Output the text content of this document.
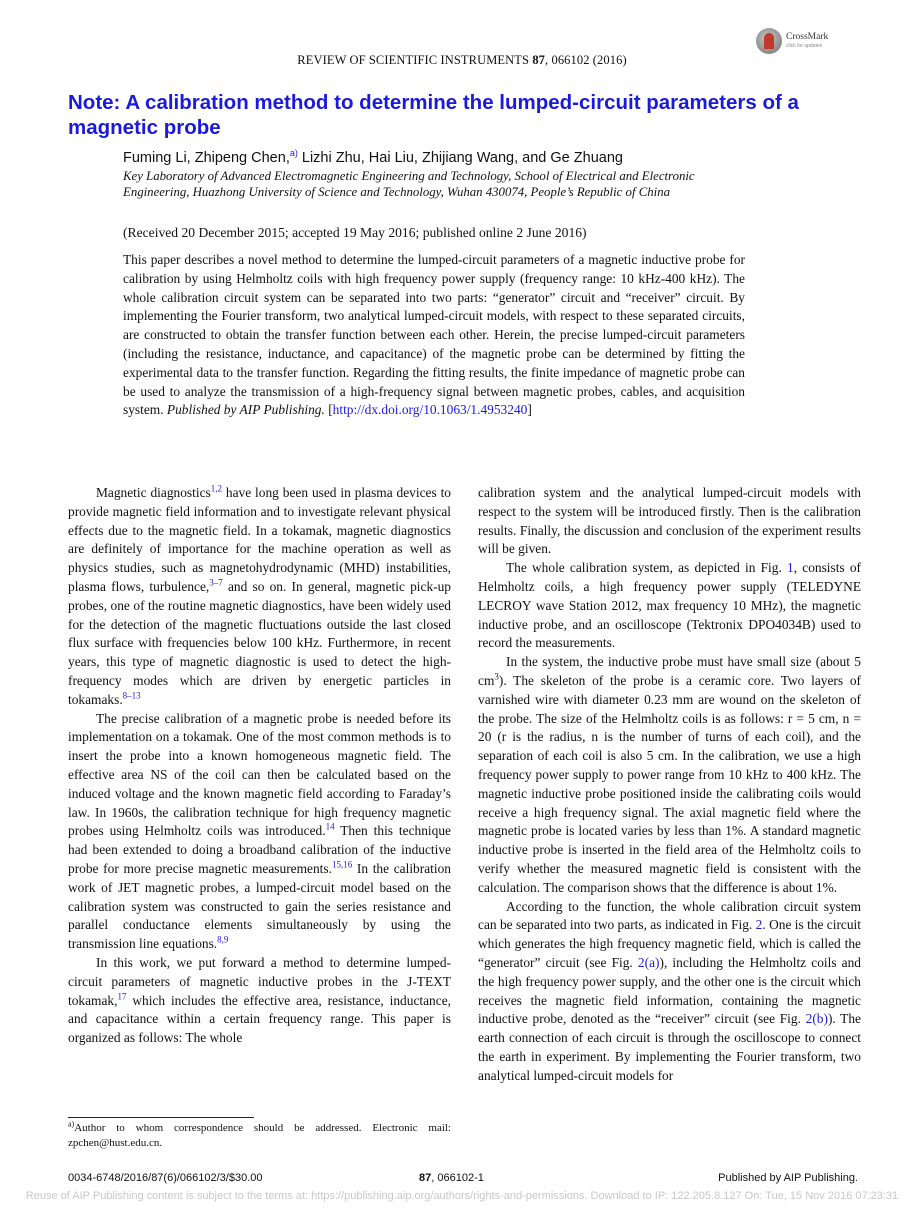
CrossMark
click for updates
REVIEW OF SCIENTIFIC INSTRUMENTS 87, 066102 (2016)
Note: A calibration method to determine the lumped-circuit parameters of a magnetic probe
Fuming Li, Zhipeng Chen,$^{a)}$ Lizhi Zhu, Hai Liu, Zhijiang Wang, and Ge Zhuang
Key Laboratory of Advanced Electromagnetic Engineering and Technology, School of Electrical and Electronic Engineering, Huazhong University of Science and Technology, Wuhan 430074, People’s Republic of China
(Received 20 December 2015; accepted 19 May 2016; published online 2 June 2016)
This paper describes a novel method to determine the lumped-circuit parameters of a magnetic inductive probe for calibration by using Helmholtz coils with high frequency power supply (frequency range: 10 kHz-400 kHz). The whole calibration circuit system can be separated into two parts: “generator” circuit and “receiver” circuit. By implementing the Fourier transform, two analytical lumped-circuit models, with respect to these separated circuits, are constructed to obtain the transfer function between each other. Herein, the precise lumped-circuit parameters (including the resistance, inductance, and capacitance) of the magnetic probe can be determined by fitting the experimental data to the transfer function. Regarding the fitting results, the finite impedance of magnetic probe can be used to analyze the transmission of a high-frequency signal between magnetic probes, cables, and acquisition system. Published by AIP Publishing. [http://dx.doi.org/10.1063/1.4953240]

Magnetic diagnostics$^{1,2}$ have long been used in plasma devices to provide magnetic field information and to investigate relevant physical effects due to the magnetic field. In a tokamak, magnetic diagnostics are definitely of importance for the machine operation as well as physics studies, such as magnetohydrodynamic (MHD) instabilities, plasma flows, turbulence,$^{3-7}$ and so on. In general, magnetic pick-up probes, one of the routine magnetic diagnostics, have been widely used for the detection of the magnetic fluctuations outside the last closed flux surface with frequencies below 100 kHz. Furthermore, in recent years, this type of magnetic diagnostic is used to detect the high-frequency modes which are driven by energetic particles in tokamaks.$^{8-13}$

The precise calibration of a magnetic probe is needed before its implementation on a tokamak. One of the most common methods is to insert the probe into a known homogeneous magnetic field. The effective area NS of the coil can then be calculated based on the induced voltage and the known magnetic field according to Faraday’s law. In 1960s, the calibration technique for high frequency magnetic probes using Helmholtz coils was introduced.$^{14}$ Then this technique had been extended to doing a broadband calibration of the inductive probe for more precise magnetic measurements.$^{15,16}$ In the calibration work of JET magnetic probes, a lumped-circuit model based on the calibration system was constructed to gain the series resistance and parallel conductance elements simultaneously by using the transmission line equations.$^{8,9}$

In this work, we put forward a method to determine lumped-circuit parameters of magnetic inductive probes in the J-TEXT tokamak,$^{17}$ which includes the effective area, resistance, inductance, and capacitance within a certain frequency range. This paper is organized as follows: The whole

calibration system and the analytical lumped-circuit models with respect to the system will be introduced firstly. Then is the calibration results. Finally, the discussion and conclusion of the experiment results will be given.

The whole calibration system, as depicted in Fig. 1, consists of Helmholtz coils, a high frequency power supply (TELEDYNE LECROY wave Station 2012, max frequency 10 MHz), the magnetic inductive probe, and an oscilloscope (Tektronix DPO4034B) used to record the measurements.

In the system, the inductive probe must have small size (about 5 $cm^3$). The skeleton of the probe is a ceramic core. Two layers of varnished wire with diameter 0.23 mm are wound on the skeleton of the probe. The size of the Helmholtz coils is as follows: r = 5 cm, n = 20 (r is the radius, n is the number of turns of each coil), and the separation of each coil is also 5 cm. In the calibration, we use a high frequency power supply to power range from 10 kHz to 400 kHz. The magnetic inductive probe positioned inside the calibrating coils would receive a high frequency signal. The axial magnetic field where the magnetic probe is located varies by less than 1%. A standard magnetic inductive probe is inserted in the field area of the Helmholtz coils to verify whether the measured magnetic field is consistent with the calculation. The comparison shows that the difference is about 1%.

According to the function, the whole calibration circuit system can be separated into two parts, as indicated in Fig. 2. One is the circuit which generates the high frequency magnetic field, which is called the “generator” circuit (see Fig. 2(a)), including the Helmholtz coils and the high frequency power supply, and the other one is the circuit which receives the magnetic field information, containing the magnetic inductive probe, denoted as the “receiver” circuit (see Fig. 2(b)). The earth connection of each circuit is through the oscilloscope to connect the earth in experiment. By implementing the Fourier transform, two analytical lumped-circuit models for

$^{a)}$Author to whom correspondence should be addressed. Electronic mail: zpchen@hust.edu.cn.
0034-6748/2016/87(6)/066102/3/$30.00	87, 066102-1	Published by AIP Publishing.
Reuse of AIP Publishing content is subject to the terms at: https://publishing.aip.org/authors/rights-and-permissions. Download to IP: 122.205.8.127 On: Tue, 15 Nov 2016 07:23:31
